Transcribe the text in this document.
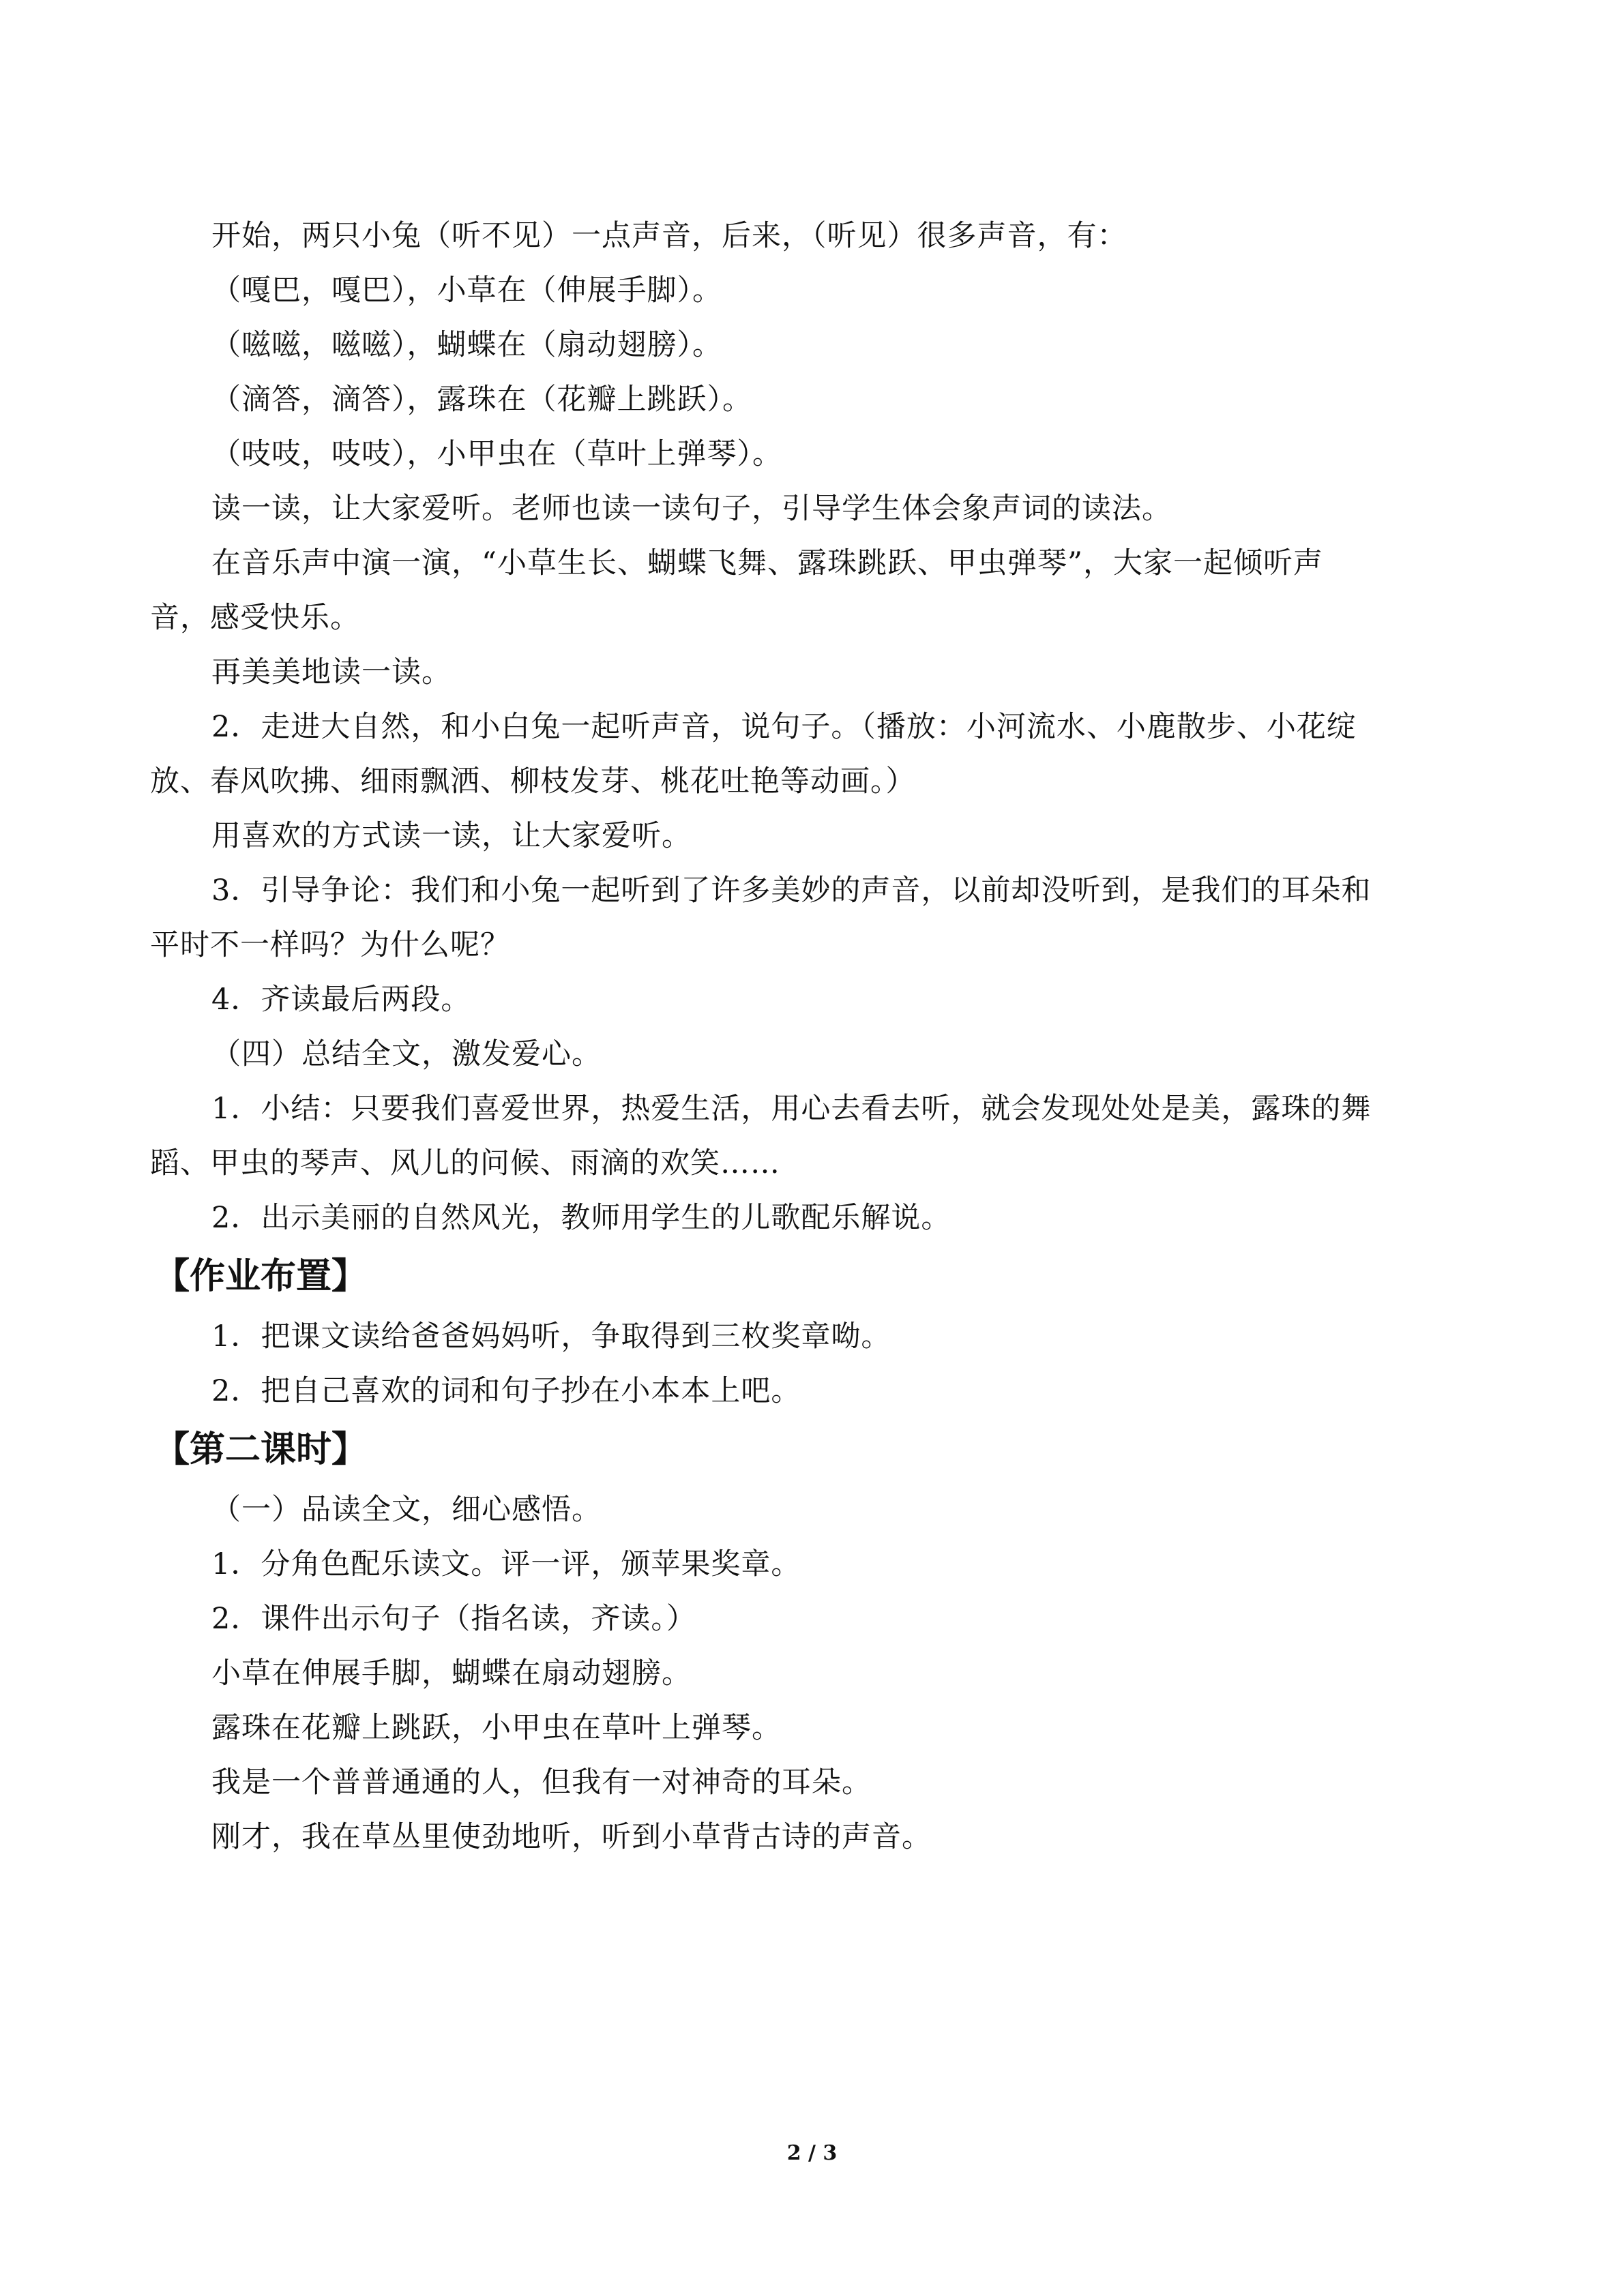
开始，两只小兔（听不见）一点声音，后来，（听见）很多声音，有：
（嘎巴，嘎巴），小草在（伸展手脚）。
（嗞嗞，嗞嗞），蝴蝶在（扇动翅膀）。
（滴答，滴答），露珠在（花瓣上跳跃）。
（吱吱，吱吱），小甲虫在（草叶上弹琴）。
读一读，让大家爱听。老师也读一读句子，引导学生体会象声词的读法。
在音乐声中演一演，“小草生长、蝴蝶飞舞、露珠跳跃、甲虫弹琴”，大家一起倾听声
音，感受快乐。
再美美地读一读。
2．走进大自然，和小白兔一起听声音，说句子。（播放：小河流水、小鹿散步、小花绽
放、春风吹拂、细雨飘洒、柳枝发芽、桃花吐艳等动画。）
用喜欢的方式读一读，让大家爱听。
3．引导争论：我们和小兔一起听到了许多美妙的声音，以前却没听到，是我们的耳朵和
平时不一样吗？为什么呢？
4．齐读最后两段。
（四）总结全文，激发爱心。
1．小结：只要我们喜爱世界，热爱生活，用心去看去听，就会发现处处是美，露珠的舞
蹈、甲虫的琴声、风儿的问候、雨滴的欢笑……
2．出示美丽的自然风光，教师用学生的儿歌配乐解说。
【作业布置】
1．把课文读给爸爸妈妈听，争取得到三枚奖章呦。
2．把自己喜欢的词和句子抄在小本本上吧。
【第二课时】
（一）品读全文，细心感悟。
1．分角色配乐读文。评一评，颁苹果奖章。
2．课件出示句子（指名读，齐读。）
小草在伸展手脚，蝴蝶在扇动翅膀。
露珠在花瓣上跳跃，小甲虫在草叶上弹琴。
我是一个普普通通的人，但我有一对神奇的耳朵。
刚才，我在草丛里使劲地听，听到小草背古诗的声音。
2 / 3
